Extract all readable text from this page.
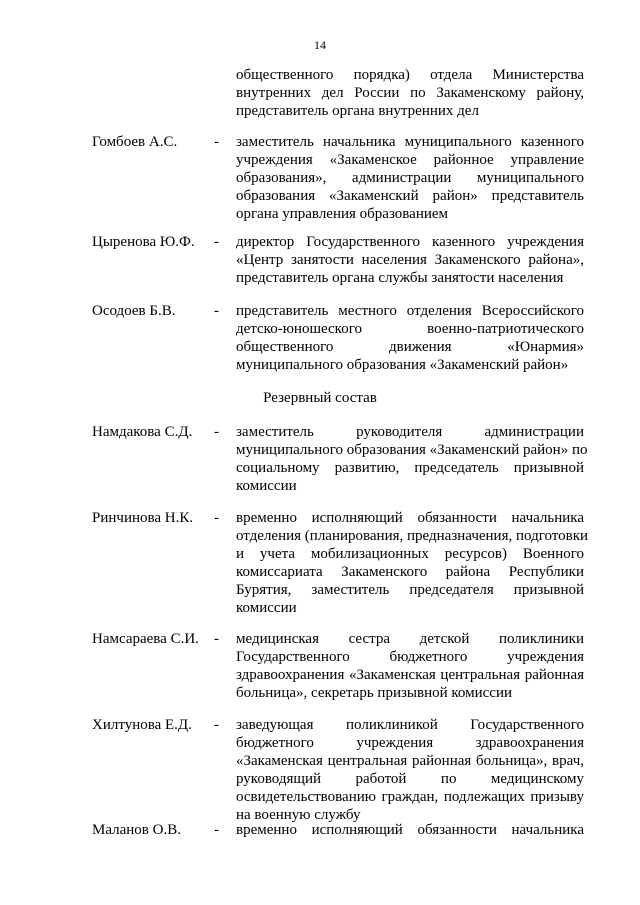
14
общественного порядка) отдела Министерства
внутренних дел России по Закаменскому району,
представитель органа внутренних дел
Гомбоев А.С.	- заместитель начальника муниципального казенного
учреждения «Закаменское районное управление
образования», администрации муниципального
образования «Закаменский район» представитель
органа управления образованием
Цыренова Ю.Ф.	- директор Государственного казенного учреждения
«Центр занятости населения Закаменского района»,
представитель органа службы занятости населения
Осодоев Б.В.	- представитель местного отделения Всероссийского
детско-юношеского военно-патриотического
общественного движения «Юнармия»
муниципального образования «Закаменский район»
Резервный состав
Намдакова С.Д.	- заместитель руководителя администрации
муниципального образования «Закаменский район» по
социальному развитию, председатель призывной
комиссии
Ринчинова Н.К.	- временно исполняющий обязанности начальника
отделения (планирования, предназначения, подготовки
и учета мобилизационных ресурсов) Военного
комиссариата Закаменского района Республики
Бурятия, заместитель председателя призывной
комиссии
Намсараева С.И.	- медицинская сестра детской поликлиники
Государственного бюджетного учреждения
здравоохранения «Закаменская центральная районная
больница», секретарь призывной комиссии
Хилтунова Е.Д.	- заведующая поликлиникой Государственного
бюджетного учреждения здравоохранения
«Закаменская центральная районная больница», врач,
руководящий работой по медицинскому
освидетельствованию граждан, подлежащих призыву
на военную службу
Маланов О.В.	- временно исполняющий обязанности начальника
